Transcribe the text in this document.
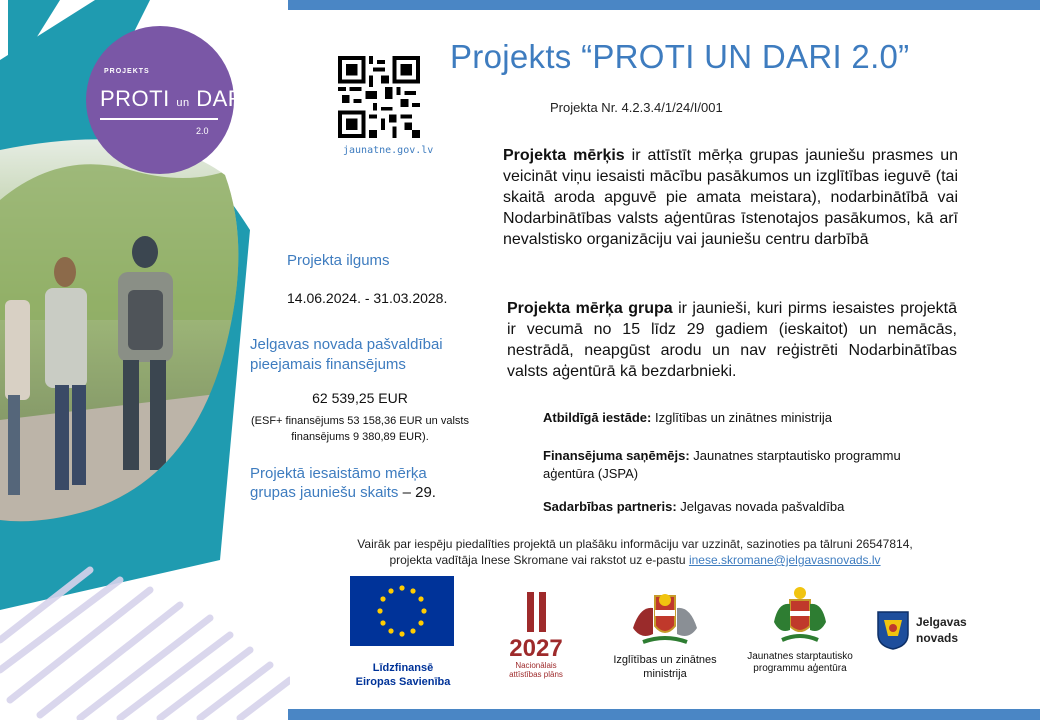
PROJEKTS
PROTI un DARI
2.0
Projekts “PROTI UN DARI 2.0”
Projekta Nr. 4.2.3.4/1/24/I/001
jaunatne.gov.lv	Projekta mērķis ir attīstīt mērķa grupas jauniešu prasmes un veicināt viņu iesaisti mācību pasākumos un izglītības ieguvē (tai skaitā aroda apguvē pie amata meistara), nodarbinātībā vai Nodarbinātības valsts aģentūras īstenotajos pasākumos, kā arī nevalstisko organizāciju vai jauniešu centru darbībā
Projekta mērķa grupa ir jaunieši, kuri pirms iesaistes projektā ir vecumā no 15 līdz 29 gadiem (ieskaitot) un nemācās, nestrādā, neapgūst arodu un nav reģistrēti Nodarbinātības valsts aģentūrā kā bezdarbnieki.
Projekta ilgums
14.06.2024. - 31.03.2028.
Jelgavas novada pašvaldībai pieejamais finansējums
62 539,25 EUR
(ESF+ finansējums 53 158,36 EUR un valsts finansējums 9 380,89 EUR).
Projektā iesaistāmo mērķa grupas jauniešu skaits – 29.
Atbildīgā iestāde: Izglītības un zinātnes ministrija
Finansējuma saņēmējs: Jaunatnes starptautisko programmu aģentūra (JSPA)
Sadarbības partneris: Jelgavas novada pašvaldība
Vairāk par iespēju piedalīties projektā un plašāku informāciju var uzzināt, sazinoties pa tālruni 26547814,
projekta vadītāja Inese Skromane vai rakstot uz e-pastu inese.skromane@jelgavasnovads.lv
Līdzfinansē
Eiropas Savienība
2027
Nacionālais
attīstības plāns
Izglītības un zinātnes
ministrija
Jaunatnes starptautisko
programmu aģentūra
Jelgavas
novads
